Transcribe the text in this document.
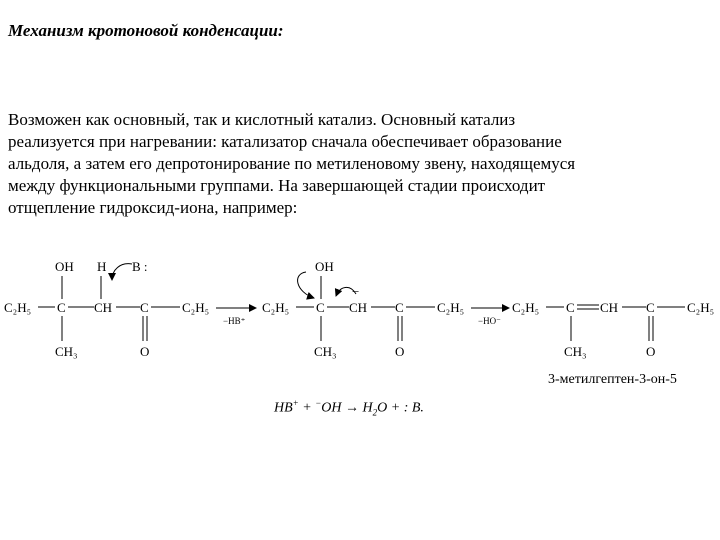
Механизм кротоновой конденсации:

Возможен как основный, так и кислотный катализ. Основный катализ
реализуется при нагревании: катализатор сначала обеспечивает образование
альдоля, а затем его депротонирование по метиленовому звену, находящемуся
между функциональными группами. На завершающей стадии происходит
отщепление гидроксид-иона, например:
OH H B :
C₂H₅ C CH C	C₂H₅
CH₃	O
−HB⁺
OH
−
C₂H₅ C CH C	C₂H₅
CH₃	O
−HO⁻
C₂H₅ C CH C C₂H₅
CH₃	O

3-метилгептен-3-он-5

$HB^+ + ^-OH \to H_2O$ + : B.
